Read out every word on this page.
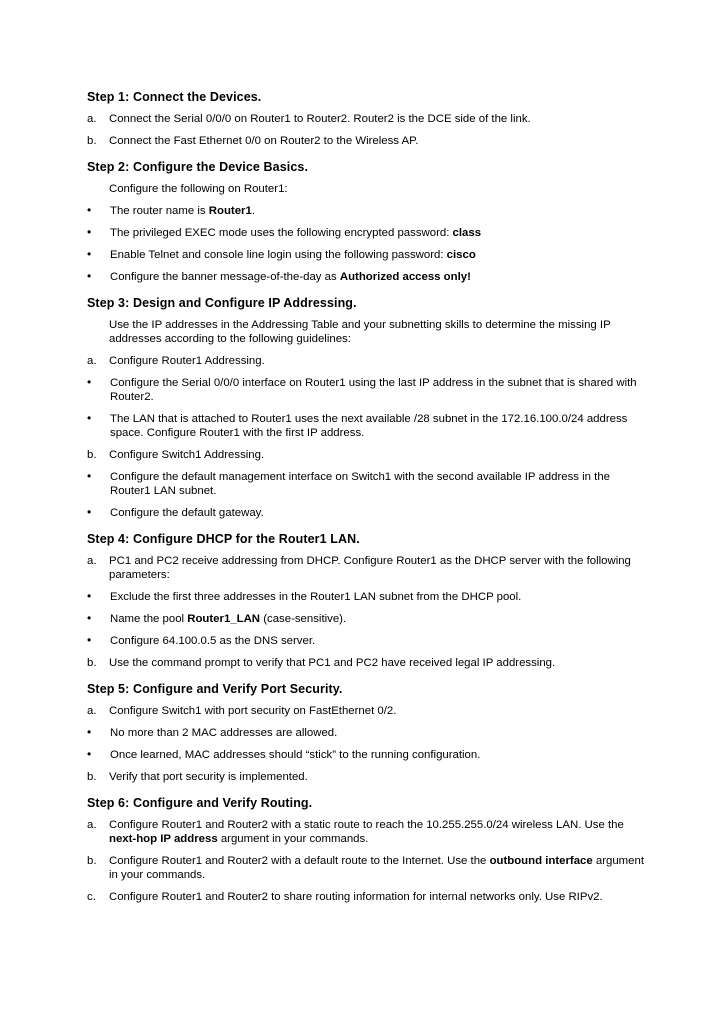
Step 1: Connect the Devices.
a.	Connect the Serial 0/0/0 on Router1 to Router2. Router2 is the DCE side of the link.
b.	Connect the Fast Ethernet 0/0 on Router2 to the Wireless AP.
Step 2: Configure the Device Basics.
Configure the following on Router1:
• The router name is Router1.
• The privileged EXEC mode uses the following encrypted password: class
• Enable Telnet and console line login using the following password: cisco
• Configure the banner message-of-the-day as Authorized access only!
Step 3: Design and Configure IP Addressing.
Use the IP addresses in the Addressing Table and your subnetting skills to determine the missing IP addresses according to the following guidelines:
a.	Configure Router1 Addressing.
• Configure the Serial 0/0/0 interface on Router1 using the last IP address in the subnet that is shared with Router2.
• The LAN that is attached to Router1 uses the next available /28 subnet in the 172.16.100.0/24 address space. Configure Router1 with the first IP address.
b.	Configure Switch1 Addressing.
• Configure the default management interface on Switch1 with the second available IP address in the Router1 LAN subnet.
• Configure the default gateway.
Step 4: Configure DHCP for the Router1 LAN.
a.	PC1 and PC2 receive addressing from DHCP. Configure Router1 as the DHCP server with the following parameters:
• Exclude the first three addresses in the Router1 LAN subnet from the DHCP pool.
• Name the pool Router1_LAN (case-sensitive).
• Configure 64.100.0.5 as the DNS server.
b.	Use the command prompt to verify that PC1 and PC2 have received legal IP addressing.
Step 5: Configure and Verify Port Security.
a.	Configure Switch1 with port security on FastEthernet 0/2.
• No more than 2 MAC addresses are allowed.
• Once learned, MAC addresses should “stick” to the running configuration.
b.	Verify that port security is implemented.
Step 6: Configure and Verify Routing.
a.	Configure Router1 and Router2 with a static route to reach the 10.255.255.0/24 wireless LAN. Use the next-hop IP address argument in your commands.
b.	Configure Router1 and Router2 with a default route to the Internet. Use the outbound interface argument in your commands.
c.	Configure Router1 and Router2 to share routing information for internal networks only. Use RIPv2.
